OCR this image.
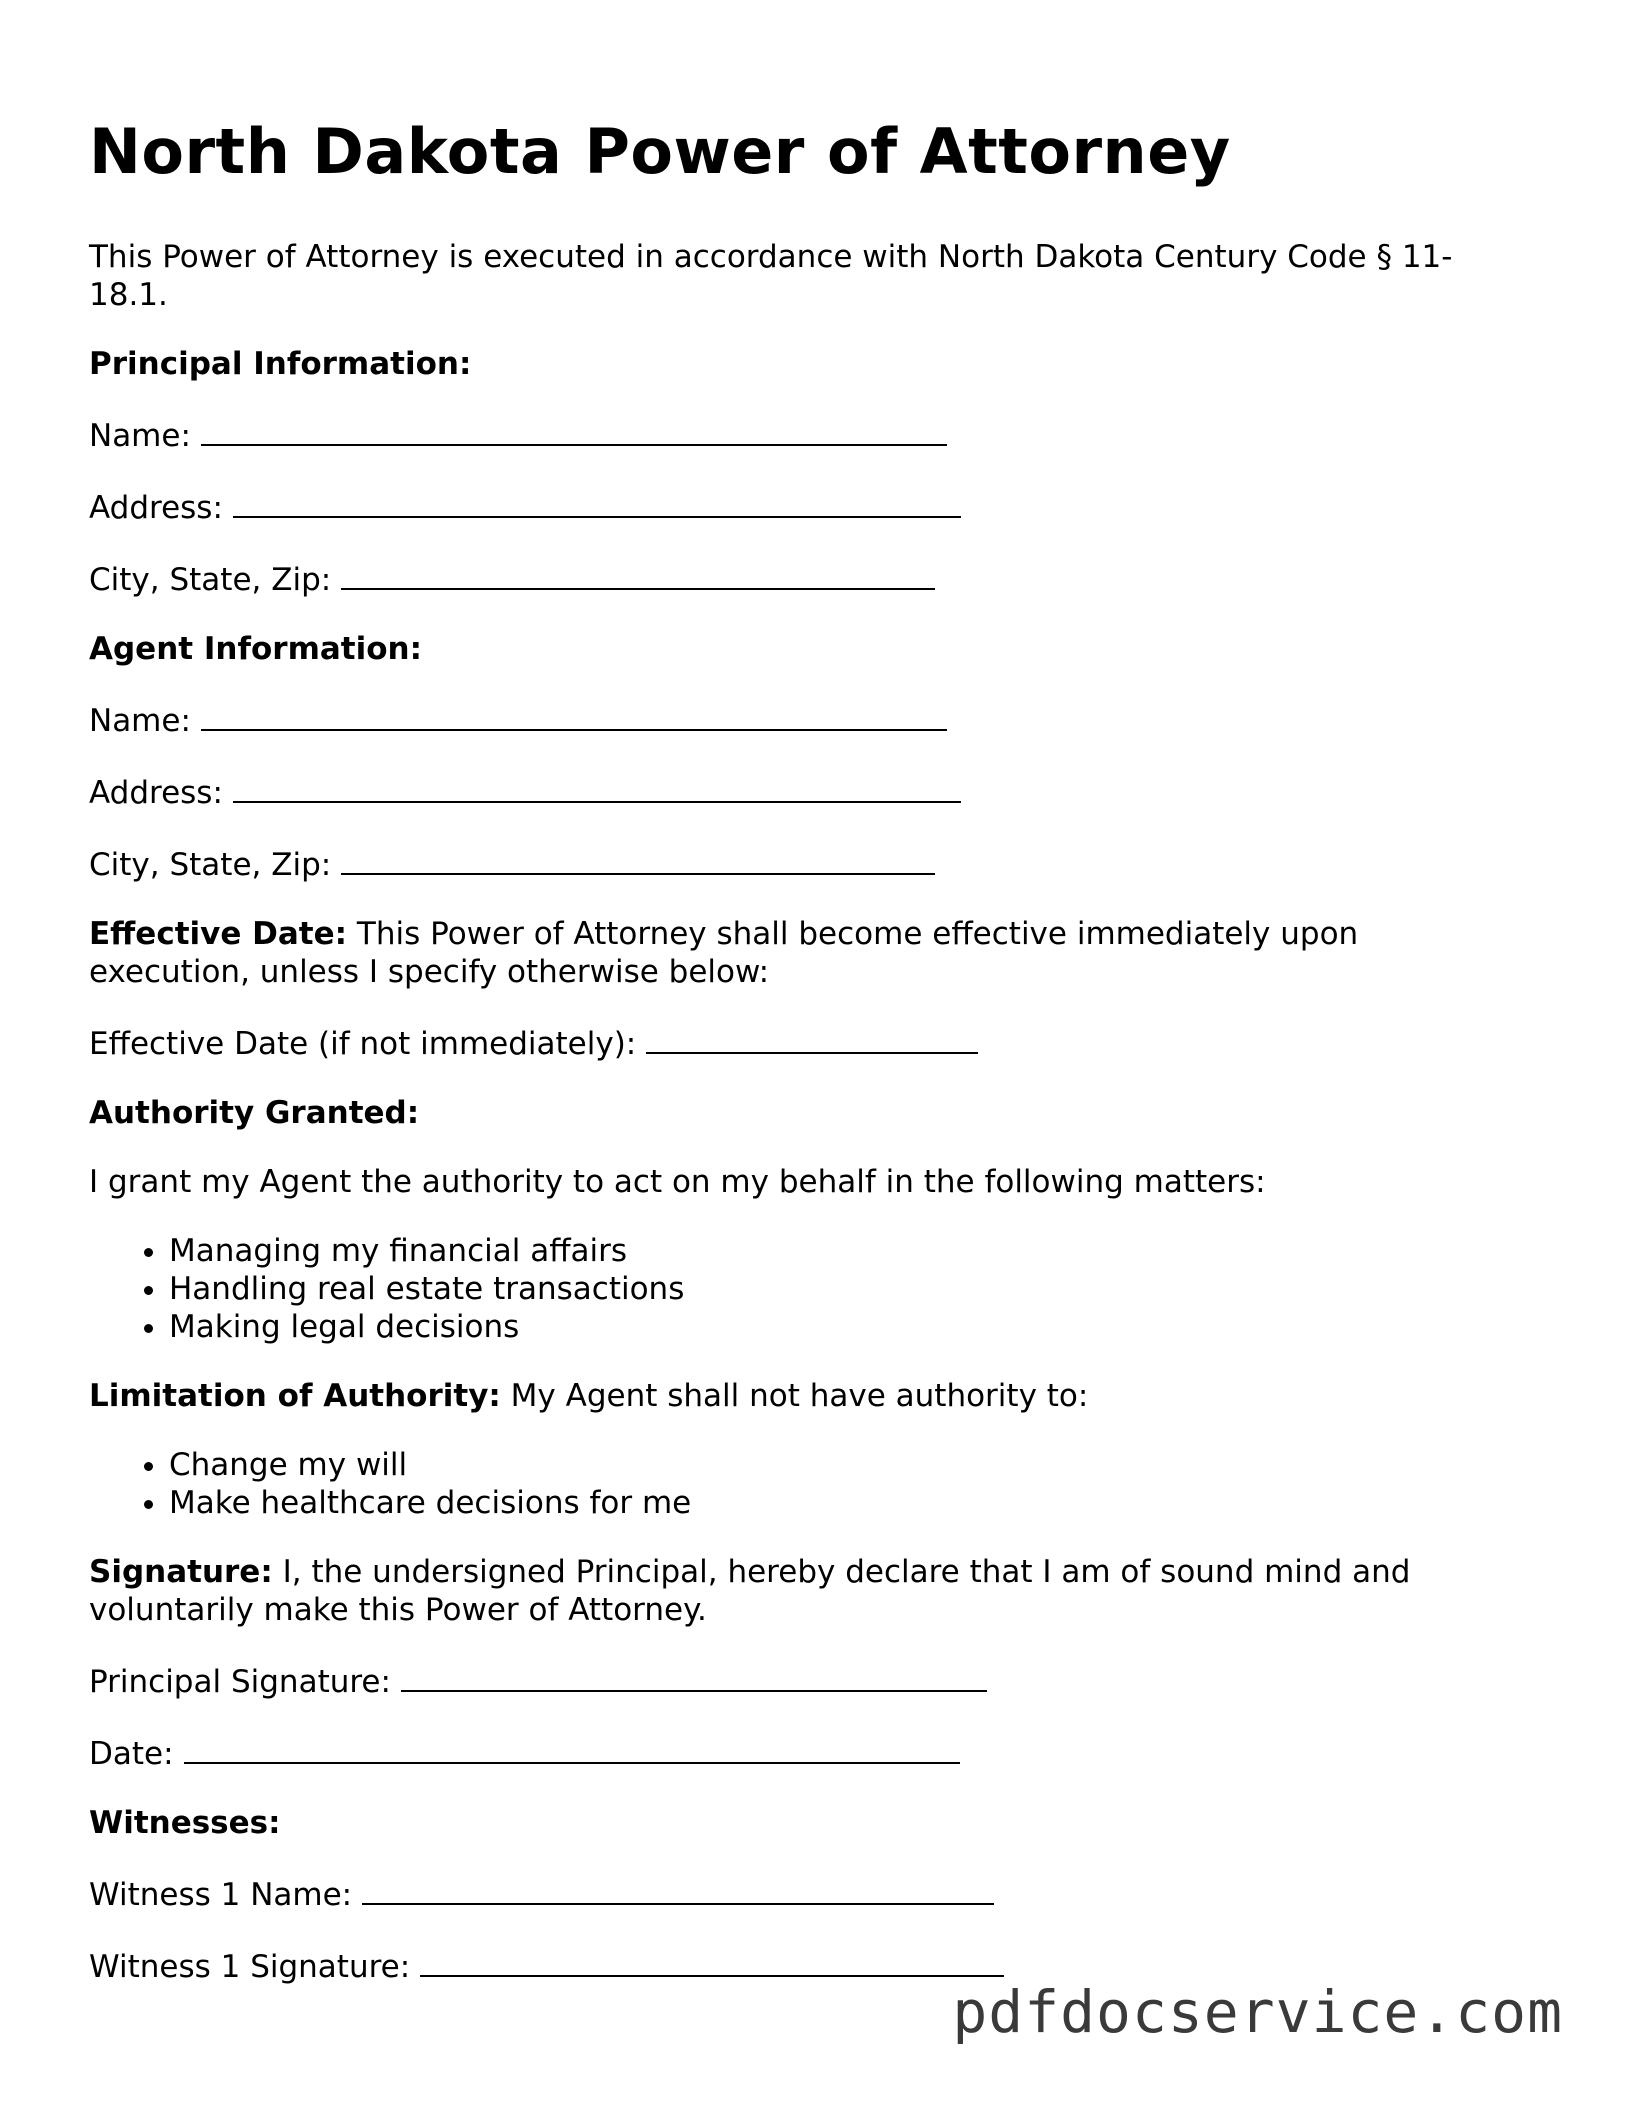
North Dakota Power of Attorney

This Power of Attorney is executed in accordance with North Dakota Century Code § 11-18.1.

Principal Information:

Name:

Address:

City, State, Zip:

Agent Information:

Name:

Address:

City, State, Zip:

Effective Date: This Power of Attorney shall become effective immediately upon execution, unless I specify otherwise below:

Effective Date (if not immediately):

Authority Granted:

I grant my Agent the authority to act on my behalf in the following matters:

• Managing my financial affairs
• Handling real estate transactions
• Making legal decisions

Limitation of Authority: My Agent shall not have authority to:

• Change my will
• Make healthcare decisions for me

Signature: I, the undersigned Principal, hereby declare that I am of sound mind and voluntarily make this Power of Attorney.

Principal Signature:

Date:

Witnesses:

Witness 1 Name:

Witness 1 Signature:

pdfdocservice.com
